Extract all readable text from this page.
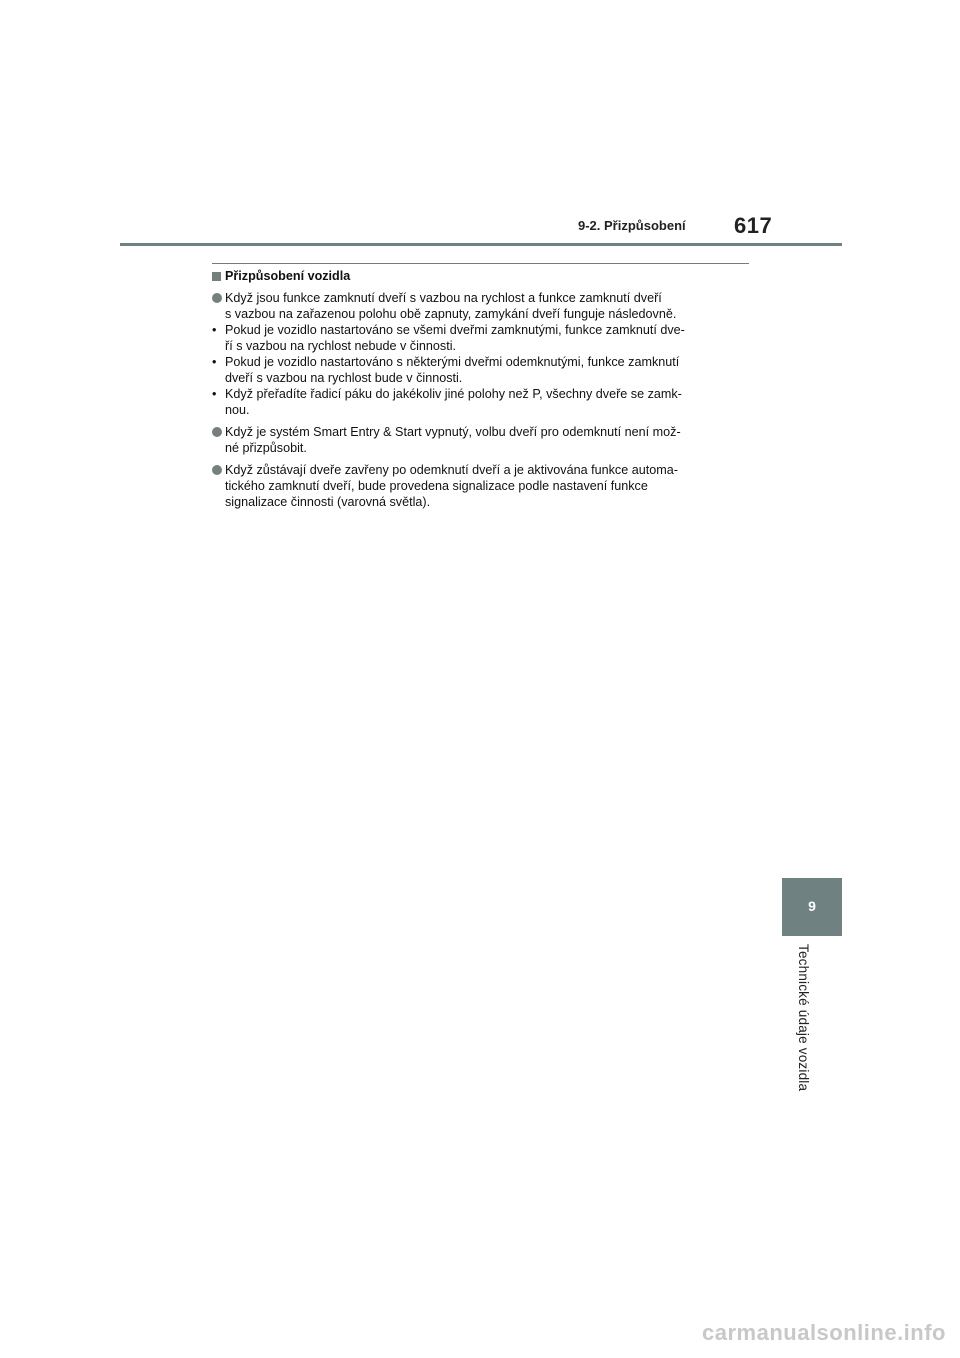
9-2. Přizpůsobení 617
Přizpůsobení vozidla
Když jsou funkce zamknutí dveří s vazbou na rychlost a funkce zamknutí dveří
s vazbou na zařazenou polohu obě zapnuty, zamykání dveří funguje následovně.
• Pokud je vozidlo nastartováno se všemi dveřmi zamknutými, funkce zamknutí dve-
ří s vazbou na rychlost nebude v činnosti.
• Pokud je vozidlo nastartováno s některými dveřmi odemknutými, funkce zamknutí
dveří s vazbou na rychlost bude v činnosti.
• Když přeřadíte řadicí páku do jakékoliv jiné polohy než P, všechny dveře se zamk-
nou.
Když je systém Smart Entry & Start vypnutý, volbu dveří pro odemknutí není mož-
né přizpůsobit.
Když zůstávají dveře zavřeny po odemknutí dveří a je aktivována funkce automa-
tického zamknutí dveří, bude provedena signalizace podle nastavení funkce
signalizace činnosti (varovná světla).
9
Technické údaje vozidla
carmanualsonline.info
